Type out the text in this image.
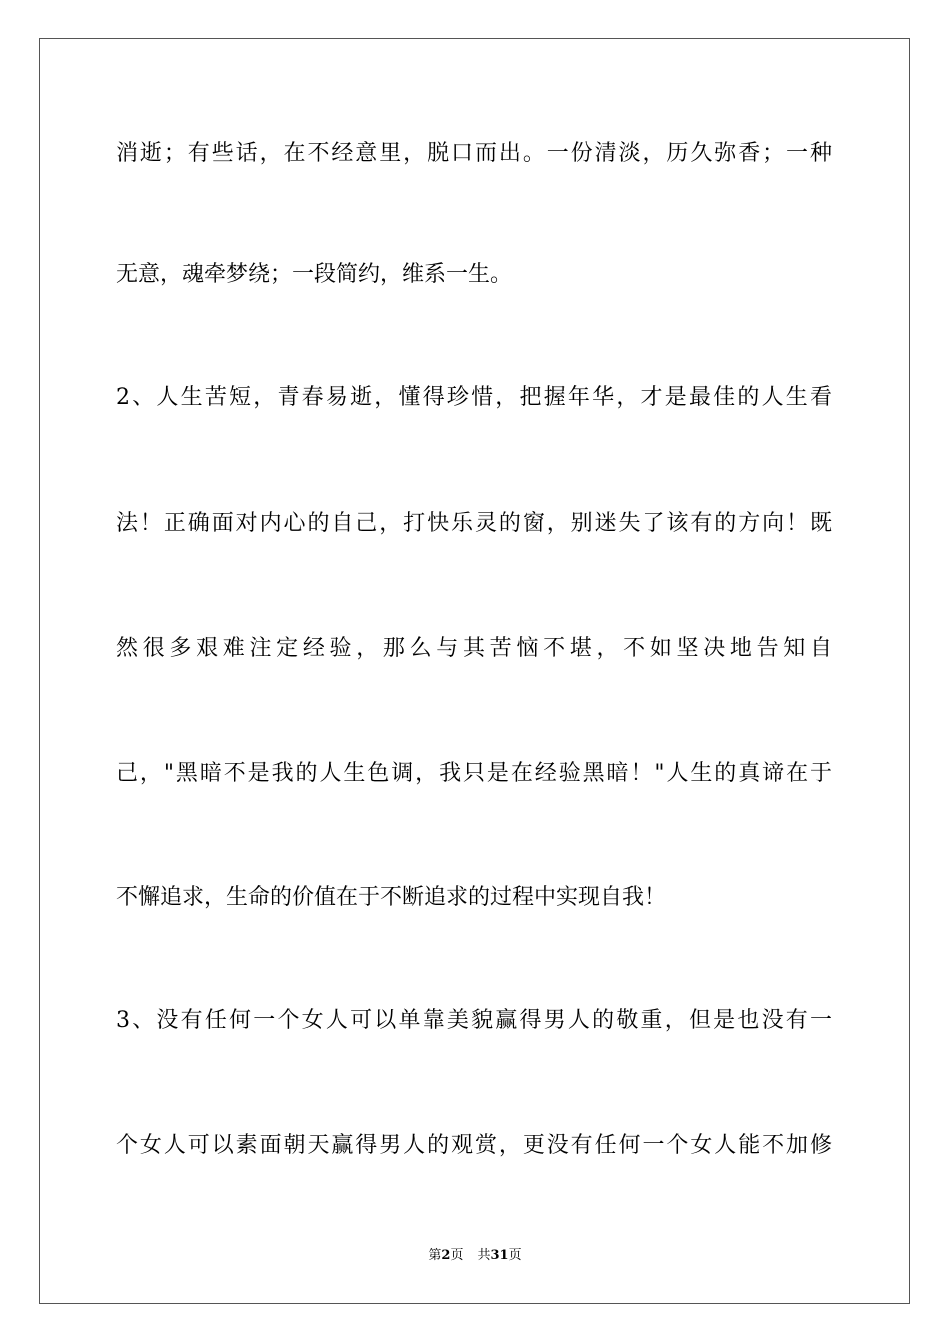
消逝；有些话，在不经意里，脱口而出。一份清淡，历久弥香；一种
无意，魂牵梦绕；一段简约，维系一生。
2、人生苦短，青春易逝，懂得珍惜，把握年华，才是最佳的人生看
法！正确面对内心的自己，打快乐灵的窗，别迷失了该有的方向！既
然很多艰难注定经验，那么与其苦恼不堪，不如坚决地告知自
己，"黑暗不是我的人生色调，我只是在经验黑暗！"人生的真谛在于
不懈追求，生命的价值在于不断追求的过程中实现自我！
3、没有任何一个女人可以单靠美貌赢得男人的敬重，但是也没有一
个女人可以素面朝天赢得男人的观赏，更没有任何一个女人能不加修
第2页 共31页
